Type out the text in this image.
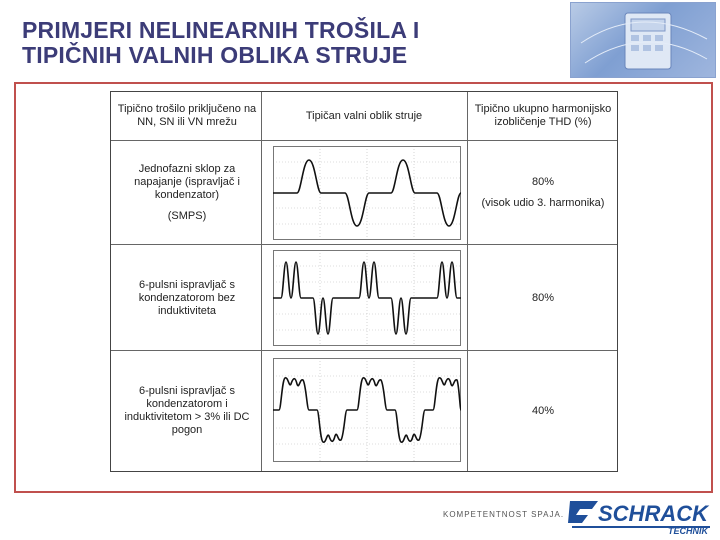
PRIMJERI NELINEARNIH TROŠILA I
TIPIČNIH VALNIH OBLIKA STRUJE
Tipično trošilo priključeno na NN, SN ili VN mrežu
Tipičan valni oblik struje
Tipično ukupno harmonijsko izobličenje THD (%)
Jednofazni sklop za napajanje (ispravljač i kondenzator)
(SMPS)
80%
(visok udio 3. harmonika)
6-pulsni ispravljač s kondenzatorom bez induktiviteta
80%
6-pulsni ispravljač s kondenzatorom i induktivitetom > 3% ili DC pogon
40%
KOMPETENTNOST SPAJA. SCHRACK
TECHNIK
